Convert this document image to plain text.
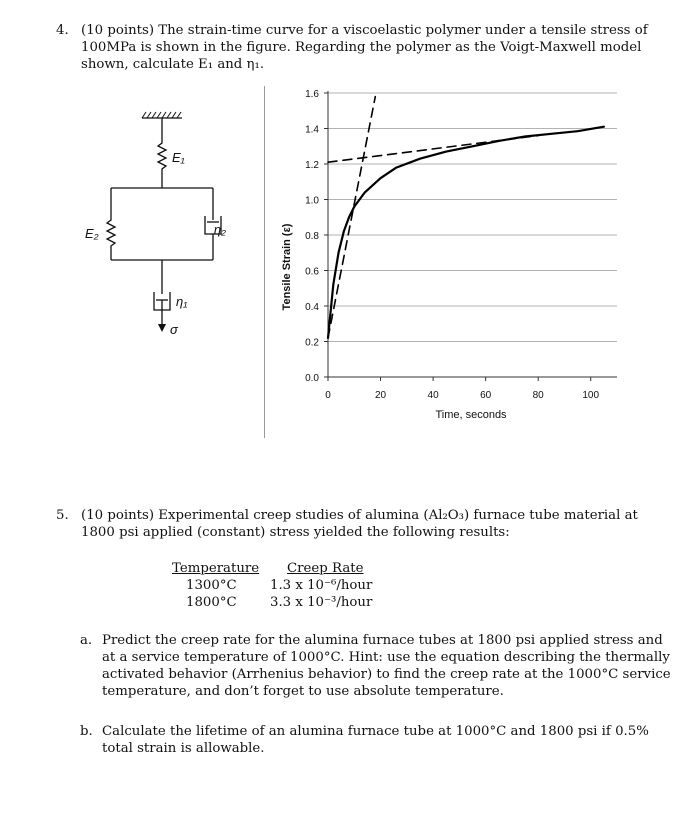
4. (10 points) The strain-time curve for a viscoelastic polymer under a tensile stress of
100MPa is shown in the figure. Regarding the polymer as the Voigt-Maxwell model
shown, calculate E₁ and η₁.
E₁
E₂	η₂
η₁
σ
0.0
0.2
0.4
0.6
0.8
1.0
1.2
1.4
1.6
0	20	40	60	80	100
Time, seconds
Tensile Strain (ε)
5. (10 points) Experimental creep studies of alumina (Al₂O₃) furnace tube material at
1800 psi applied (constant) stress yielded the following results:
Temperature Creep Rate
1300°C	1.3 x 10⁻⁶/hour
1800°C	3.3 x 10⁻³/hour
a. Predict the creep rate for the alumina furnace tubes at 1800 psi applied stress and
at a service temperature of 1000°C. Hint: use the equation describing the thermally
activated behavior (Arrhenius behavior) to find the creep rate at the 1000°C service
temperature, and don’t forget to use absolute temperature.
b. Calculate the lifetime of an alumina furnace tube at 1000°C and 1800 psi if 0.5%
total strain is allowable.
